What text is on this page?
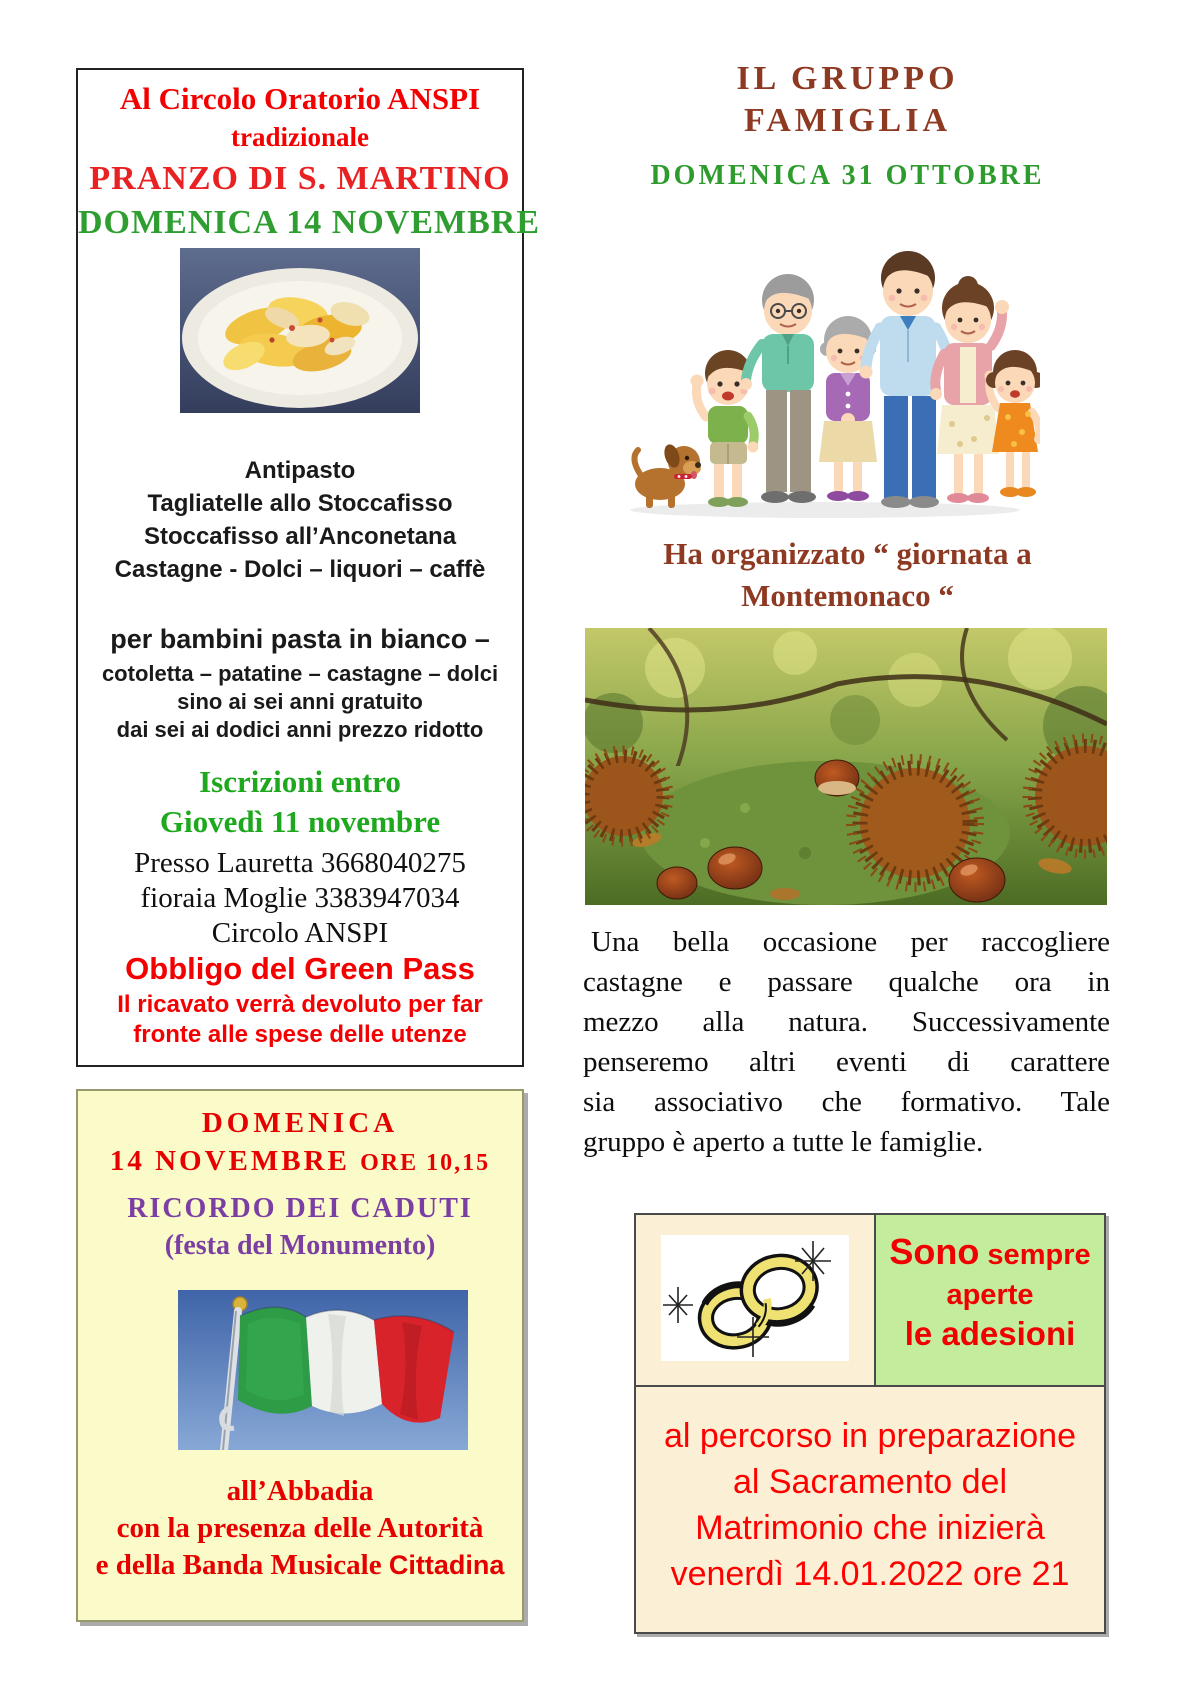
Al Circolo Oratorio ANSPI
tradizionale
PRANZO DI S. MARTINO
DOMENICA 14 NOVEMBRE
Antipasto
Tagliatelle allo Stoccafisso
Stoccafisso all’Anconetana
Castagne - Dolci – liquori – caffè
per bambini pasta in bianco –
cotoletta – patatine – castagne – dolci
sino ai sei anni gratuito
dai sei ai dodici anni prezzo ridotto
Iscrizioni entro
Giovedì 11 novembre
Presso Lauretta 3668040275
fioraia Moglie 3383947034
Circolo ANSPI
Obbligo del Green Pass
Il ricavato verrà devoluto per far
fronte alle spese delle utenze
DOMENICA
14 NOVEMBRE ORE 10,15
RICORDO DEI CADUTI
(festa del Monumento)
all’Abbadia
con la presenza delle Autorità
e della Banda Musicale Cittadina
IL GRUPPO
FAMIGLIA
DOMENICA 31 OTTOBRE
Ha organizzato “ giornata a
Montemonaco “
Una bella occasione per raccogliere
castagne e passare qualche ora in
mezzo alla natura. Successivamente
penseremo altri eventi di carattere
sia associativo che formativo. Tale
gruppo è aperto a tutte le famiglie.
Sono sempre
aperte
le adesioni
al percorso in preparazione
al Sacramento del
Matrimonio che inizierà
venerdì 14.01.2022 ore 21
